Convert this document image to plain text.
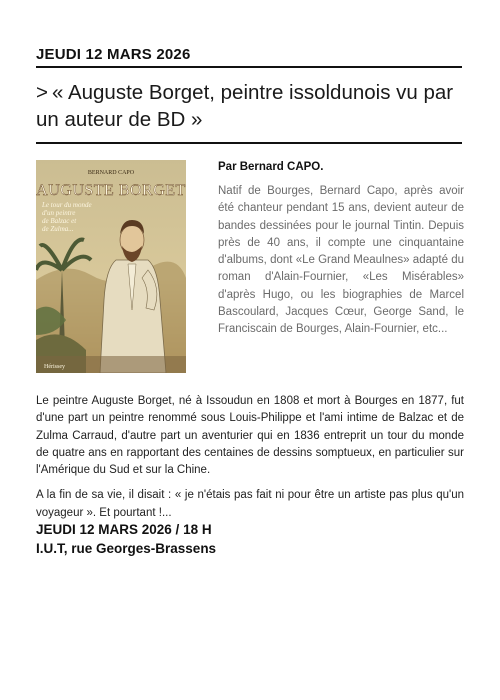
JEUDI 12 MARS 2026
> « Auguste Borget, peintre issoldunois vu par un auteur de BD »
BERNARD CAPO
AUGUSTE BORGET
Le tour du monde
d'un peintre
de Balzac et
de Zulma...
Hérissey

Par Bernard CAPO.

Natif de Bourges, Bernard Capo, après avoir été chanteur pendant 15 ans, devient auteur de bandes dessinées pour le journal Tintin. Depuis près de 40 ans, il compte une cinquantaine d'albums, dont «Le Grand Meaulnes» adapté du roman d'Alain-Fournier, «Les Misérables» d'après Hugo, ou les biographies de Marcel Bascoulard, Jacques Cœur, George Sand, le Franciscain de Bourges, Alain-Fournier, etc...

Le peintre Auguste Borget, né à Issoudun en 1808 et mort à Bourges en 1877, fut d'une part un peintre renommé sous Louis-Philippe et l'ami intime de Balzac et de Zulma Carraud, d'autre part un aventurier qui en 1836 entreprit un tour du monde de quatre ans en rapportant des centaines de dessins somptueux, en particulier sur l'Amérique du Sud et sur la Chine.

A la fin de sa vie, il disait : « je n'étais pas fait ni pour être un artiste pas plus qu'un voyageur ». Et pourtant !...

JEUDI 12 MARS 2026 / 18 H
I.U.T, rue Georges-Brassens
